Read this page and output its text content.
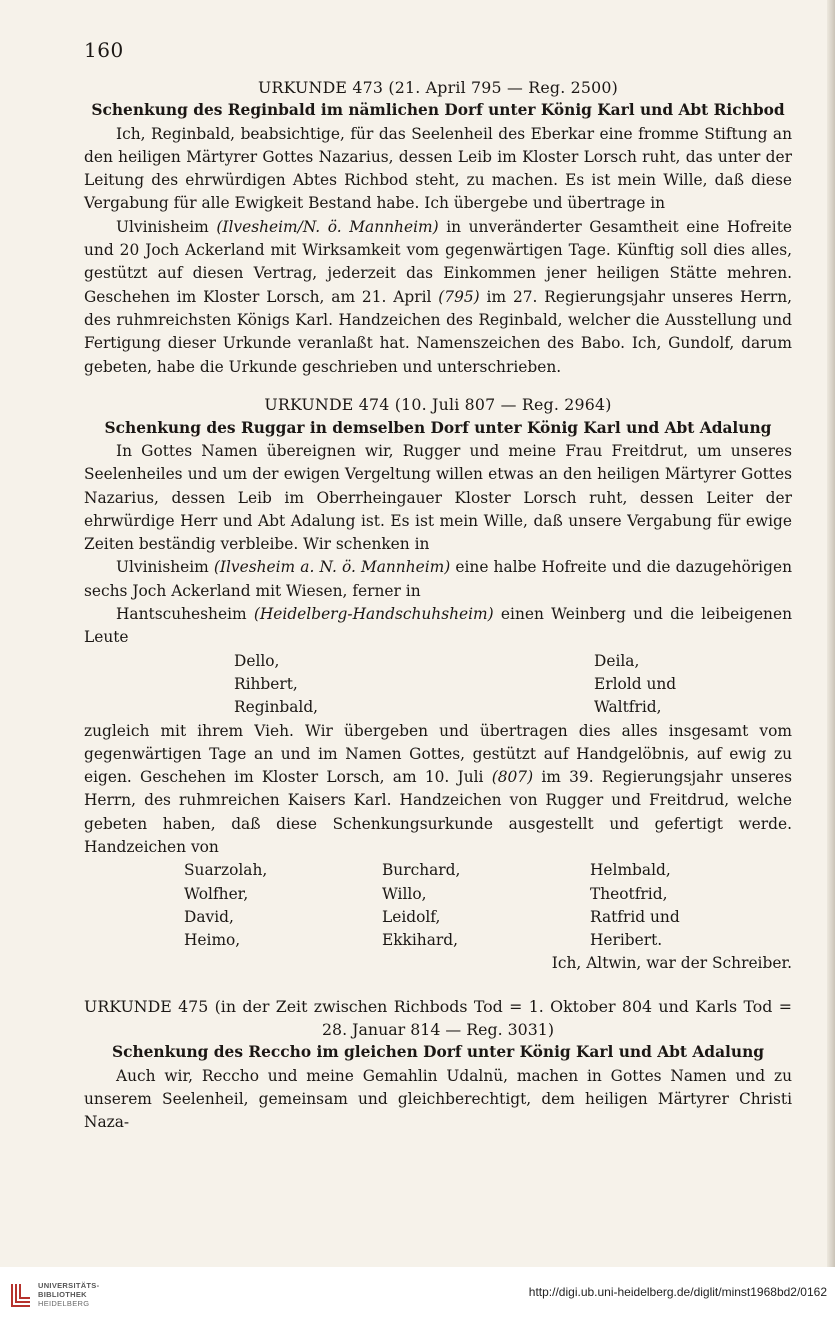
160

URKUNDE 473 (21. April 795 — Reg. 2500)

Schenkung des Reginbald im nämlichen Dorf unter König Karl und Abt Richbod

Ich, Reginbald, beabsichtige, für das Seelenheil des Eberkar eine fromme Stiftung an den heiligen Märtyrer Gottes Nazarius, dessen Leib im Kloster Lorsch ruht, das unter der Leitung des ehrwürdigen Abtes Richbod steht, zu machen. Es ist mein Wille, daß diese Vergabung für alle Ewigkeit Bestand habe. Ich übergebe und übertrage in

Ulvinisheim (Ilvesheim/N. ö. Mannheim) in unveränderter Gesamtheit eine Hofreite und 20 Joch Ackerland mit Wirksamkeit vom gegenwärtigen Tage. Künftig soll dies alles, gestützt auf diesen Vertrag, jederzeit das Einkommen jener heiligen Stätte mehren. Geschehen im Kloster Lorsch, am 21. April (795) im 27. Regierungsjahr unseres Herrn, des ruhmreichsten Königs Karl. Handzeichen des Reginbald, welcher die Ausstellung und Fertigung dieser Urkunde veranlaßt hat. Namenszeichen des Babo. Ich, Gundolf, darum gebeten, habe die Urkunde geschrieben und unterschrieben.

URKUNDE 474 (10. Juli 807 — Reg. 2964)

Schenkung des Ruggar in demselben Dorf unter König Karl und Abt Adalung

In Gottes Namen übereignen wir, Rugger und meine Frau Freitdrut, um unseres Seelenheiles und um der ewigen Vergeltung willen etwas an den heiligen Märtyrer Gottes Nazarius, dessen Leib im Oberrheingauer Kloster Lorsch ruht, dessen Leiter der ehrwürdige Herr und Abt Adalung ist. Es ist mein Wille, daß unsere Vergabung für ewige Zeiten beständig verbleibe. Wir schenken in

Ulvinisheim (Ilvesheim a. N. ö. Mannheim) eine halbe Hofreite und die dazugehörigen sechs Joch Ackerland mit Wiesen, ferner in

Hantscuhesheim (Heidelberg-Handschuhsheim) einen Weinberg und die leibeigenen Leute

Dello,	Deila,
Rihbert,	Erlold und
Reginbald,	Waltfrid,

zugleich mit ihrem Vieh. Wir übergeben und übertragen dies alles insgesamt vom gegenwärtigen Tage an und im Namen Gottes, gestützt auf Handgelöbnis, auf ewig zu eigen. Geschehen im Kloster Lorsch, am 10. Juli (807) im 39. Regierungsjahr unseres Herrn, des ruhmreichen Kaisers Karl. Handzeichen von Rugger und Freitdrud, welche gebeten haben, daß diese Schenkungsurkunde ausgestellt und gefertigt werde. Handzeichen von

Suarzolah,	Burchard,	Helmbald,
Wolfher,	Willo,	Theotfrid,
David,	Leidolf,	Ratfrid und
Heimo,	Ekkihard,	Heribert.

Ich, Altwin, war der Schreiber.

URKUNDE 475 (in der Zeit zwischen Richbods Tod = 1. Oktober 804 und Karls Tod =

28. Januar 814 — Reg. 3031)

Schenkung des Reccho im gleichen Dorf unter König Karl und Abt Adalung

Auch wir, Reccho und meine Gemahlin Udalnü, machen in Gottes Namen und zu unserem Seelenheil, gemeinsam und gleichberechtigt, dem heiligen Märtyrer Christi Naza-

UNIVERSITÄTS-
BIBLIOTHEK
HEIDELBERG
http://digi.ub.uni-heidelberg.de/diglit/minst1968bd2/0162
